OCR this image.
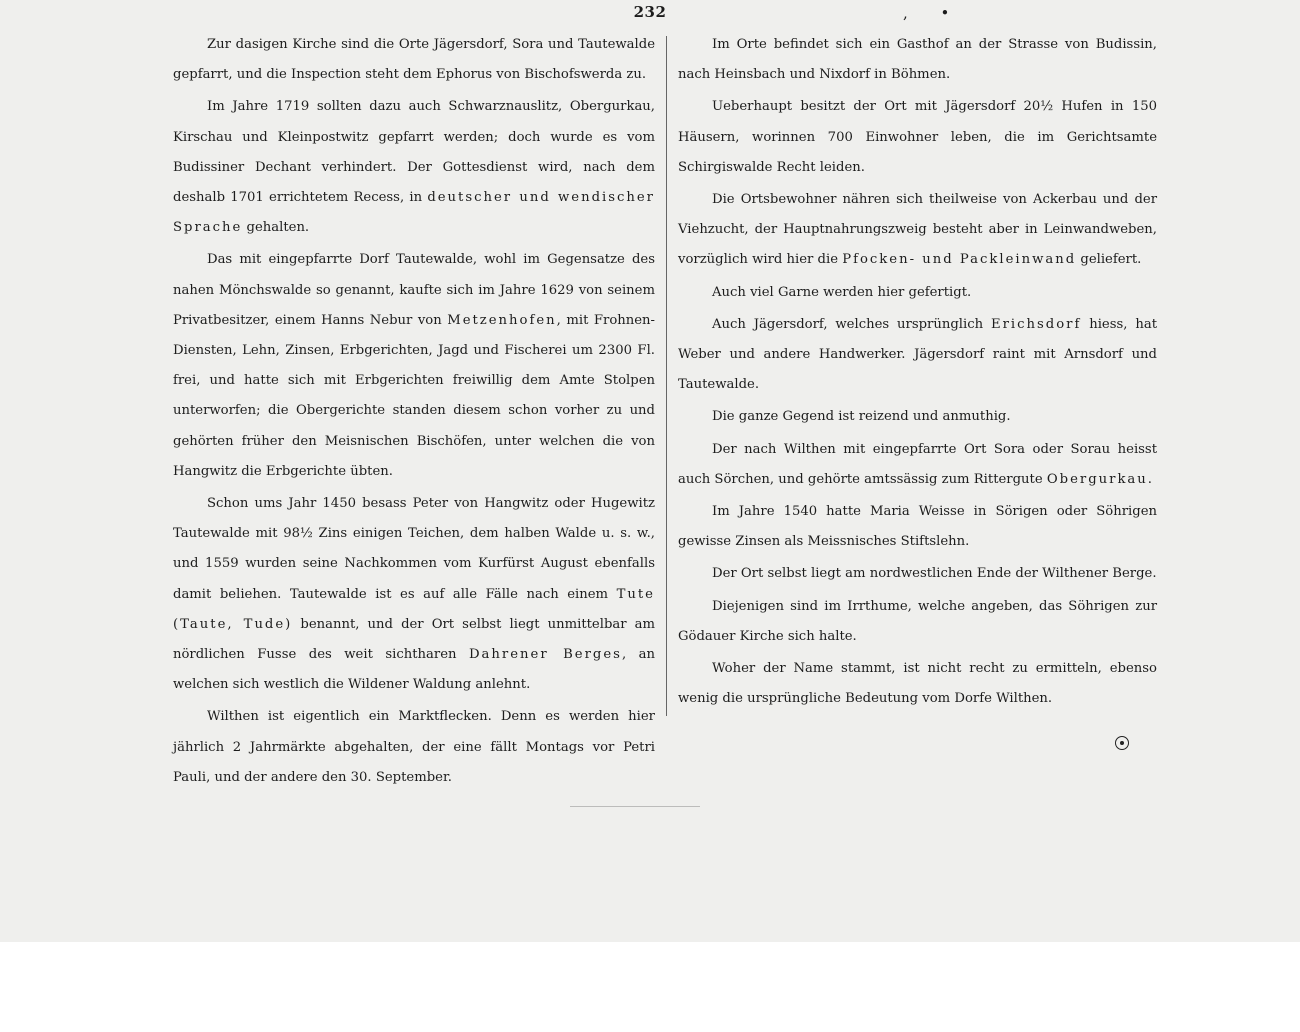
232	, •

Zur dasigen Kirche sind die Orte Jägersdorf, Sora und Tautewalde gepfarrt, und die Inspection steht dem Ephorus von Bischofswerda zu.

Im Jahre 1719 sollten dazu auch Schwarznauslitz, Obergurkau, Kirschau und Kleinpostwitz gepfarrt werden; doch wurde es vom Budissiner Dechant verhindert. Der Gottesdienst wird, nach dem deshalb 1701 errichtetem Recess, in deutscher und wendischer Sprache gehalten.

Das mit eingepfarrte Dorf Tautewalde, wohl im Gegensatze des nahen Mönchswalde so genannt, kaufte sich im Jahre 1629 von seinem Privatbesitzer, einem Hanns Nebur von Metzenhofen, mit Frohnen-Diensten, Lehn, Zinsen, Erbgerichten, Jagd und Fischerei um 2300 Fl. frei, und hatte sich mit Erbgerichten freiwillig dem Amte Stolpen unterworfen; die Obergerichte standen diesem schon vorher zu und gehörten früher den Meisnischen Bischöfen, unter welchen die von Hangwitz die Erbgerichte übten.

Schon ums Jahr 1450 besass Peter von Hangwitz oder Hugewitz Tautewalde mit 98½ Zins einigen Teichen, dem halben Walde u. s. w., und 1559 wurden seine Nachkommen vom Kurfürst August ebenfalls damit beliehen. Tautewalde ist es auf alle Fälle nach einem Tute (Taute, Tude) benannt, und der Ort selbst liegt unmittelbar am nördlichen Fusse des weit sichtharen Dahrener Berges, an welchen sich westlich die Wildener Waldung anlehnt.

Wilthen ist eigentlich ein Marktflecken. Denn es werden hier jährlich 2 Jahrmärkte abgehalten, der eine fällt Montags vor Petri Pauli, und der andere den 30. September.

Im Orte befindet sich ein Gasthof an der Strasse von Budissin, nach Heinsbach und Nixdorf in Böhmen.

Ueberhaupt besitzt der Ort mit Jägersdorf 20½ Hufen in 150 Häusern, worinnen 700 Einwohner leben, die im Gerichtsamte Schirgiswalde Recht leiden.

Die Ortsbewohner nähren sich theilweise von Ackerbau und der Viehzucht, der Hauptnahrungszweig besteht aber in Leinwandweben, vorzüglich wird hier die Pfocken- und Packleinwand geliefert.

Auch viel Garne werden hier gefertigt.

Auch Jägersdorf, welches ursprünglich Erichsdorf hiess, hat Weber und andere Handwerker. Jägersdorf raint mit Arnsdorf und Tautewalde.

Die ganze Gegend ist reizend und anmuthig.

Der nach Wilthen mit eingepfarrte Ort Sora oder Sorau heisst auch Sörchen, und gehörte amtssässig zum Rittergute Obergurkau.

Im Jahre 1540 hatte Maria Weisse in Sörigen oder Söhrigen gewisse Zinsen als Meissnisches Stiftslehn.

Der Ort selbst liegt am nordwestlichen Ende der Wilthener Berge.

Diejenigen sind im Irrthume, welche angeben, das Söhrigen zur Gödauer Kirche sich halte.

Woher der Name stammt, ist nicht recht zu ermitteln, ebenso wenig die ursprüngliche Bedeutung vom Dorfe Wilthen.
